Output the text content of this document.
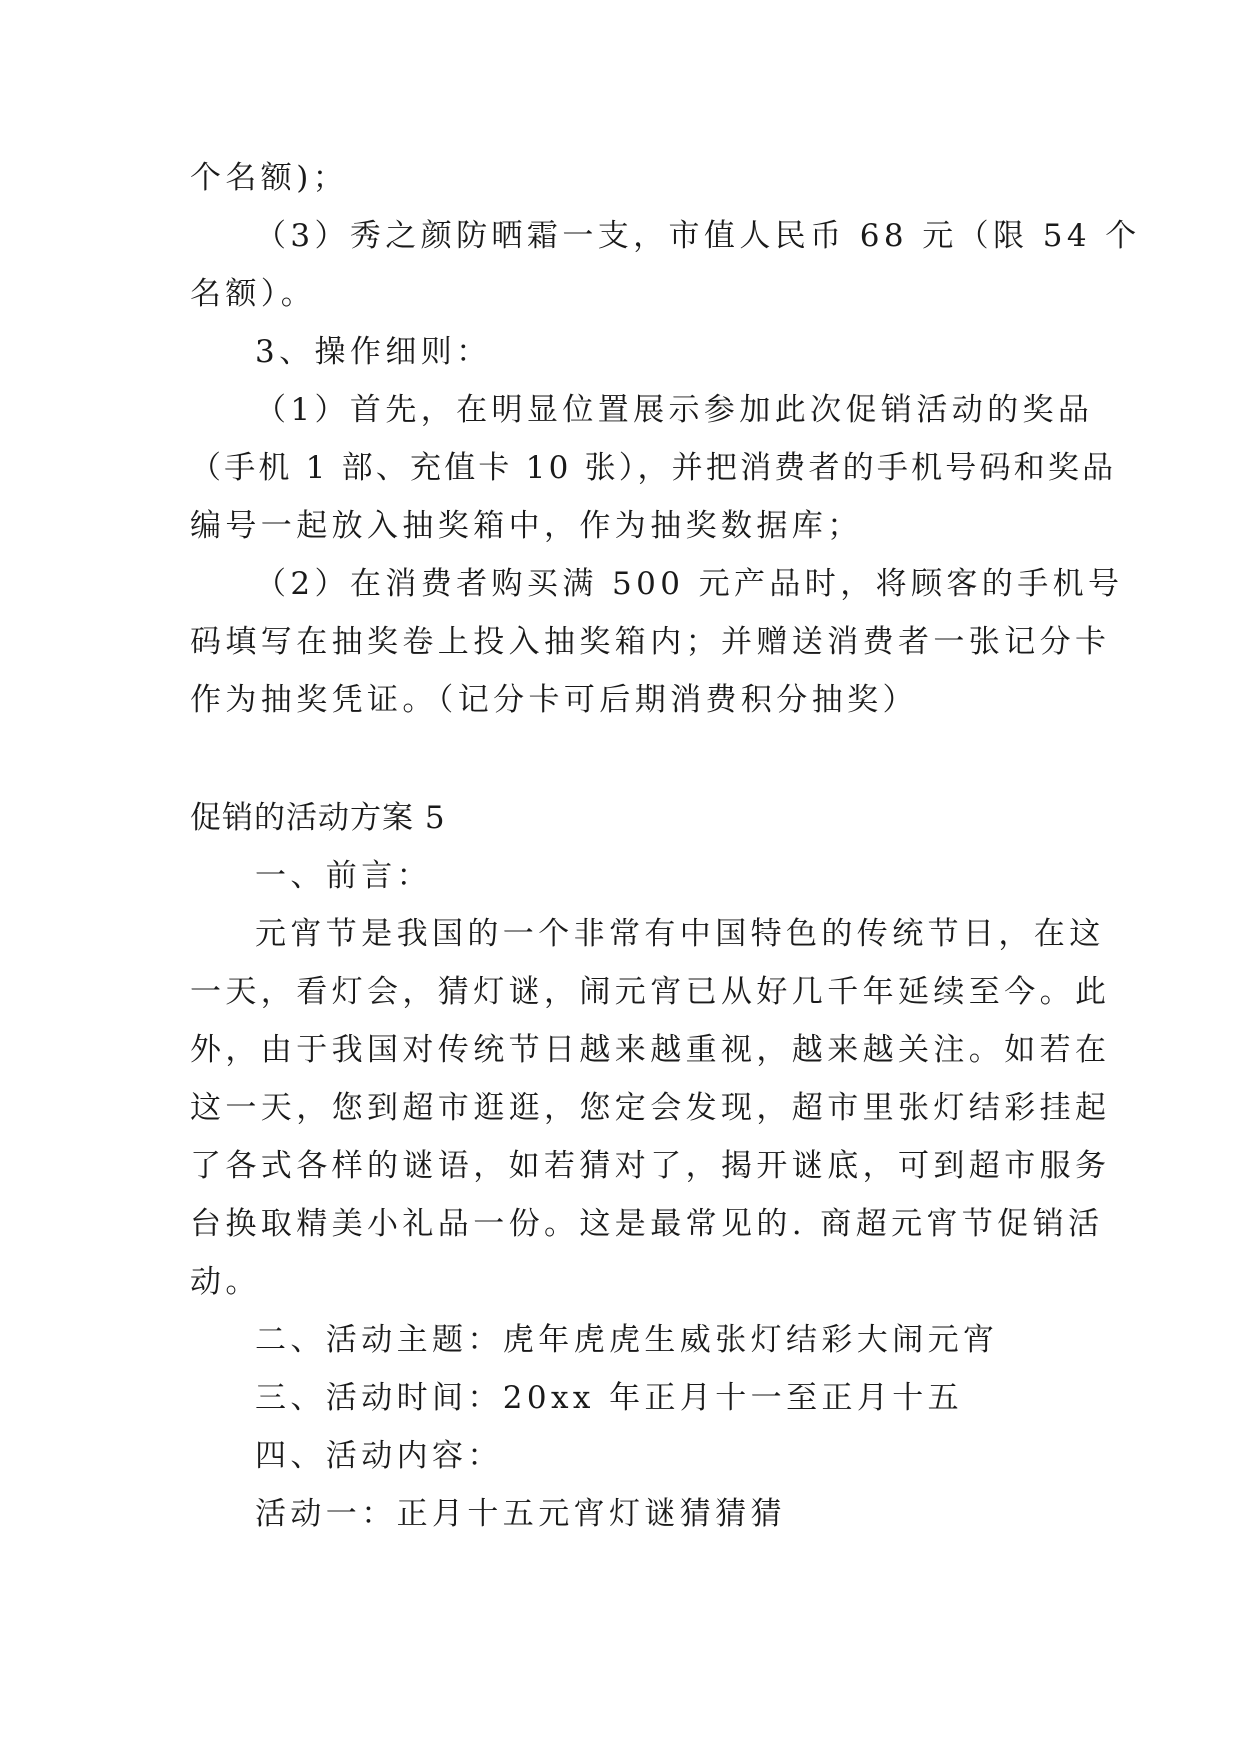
个名额)；
（3）秀之颜防晒霜一支，市值人民币 68 元（限 54 个
名额）。
3、操作细则：
（1）首先，在明显位置展示参加此次促销活动的奖品
（手机 1 部、充值卡 10 张），并把消费者的手机号码和奖品
编号一起放入抽奖箱中，作为抽奖数据库；
（2）在消费者购买满 500 元产品时，将顾客的手机号
码填写在抽奖卷上投入抽奖箱内；并赠送消费者一张记分卡
作为抽奖凭证。（记分卡可后期消费积分抽奖）
促销的活动方案 5
一、前言：
元宵节是我国的一个非常有中国特色的传统节日，在这
一天，看灯会，猜灯谜，闹元宵已从好几千年延续至今。此
外，由于我国对传统节日越来越重视，越来越关注。如若在
这一天，您到超市逛逛，您定会发现，超市里张灯结彩挂起
了各式各样的谜语，如若猜对了，揭开谜底，可到超市服务
台换取精美小礼品一份。这是最常见的. 商超元宵节促销活
动。
二、活动主题：虎年虎虎生威张灯结彩大闹元宵
三、活动时间：20xx 年正月十一至正月十五
四、活动内容：
活动一：正月十五元宵灯谜猜猜猜
